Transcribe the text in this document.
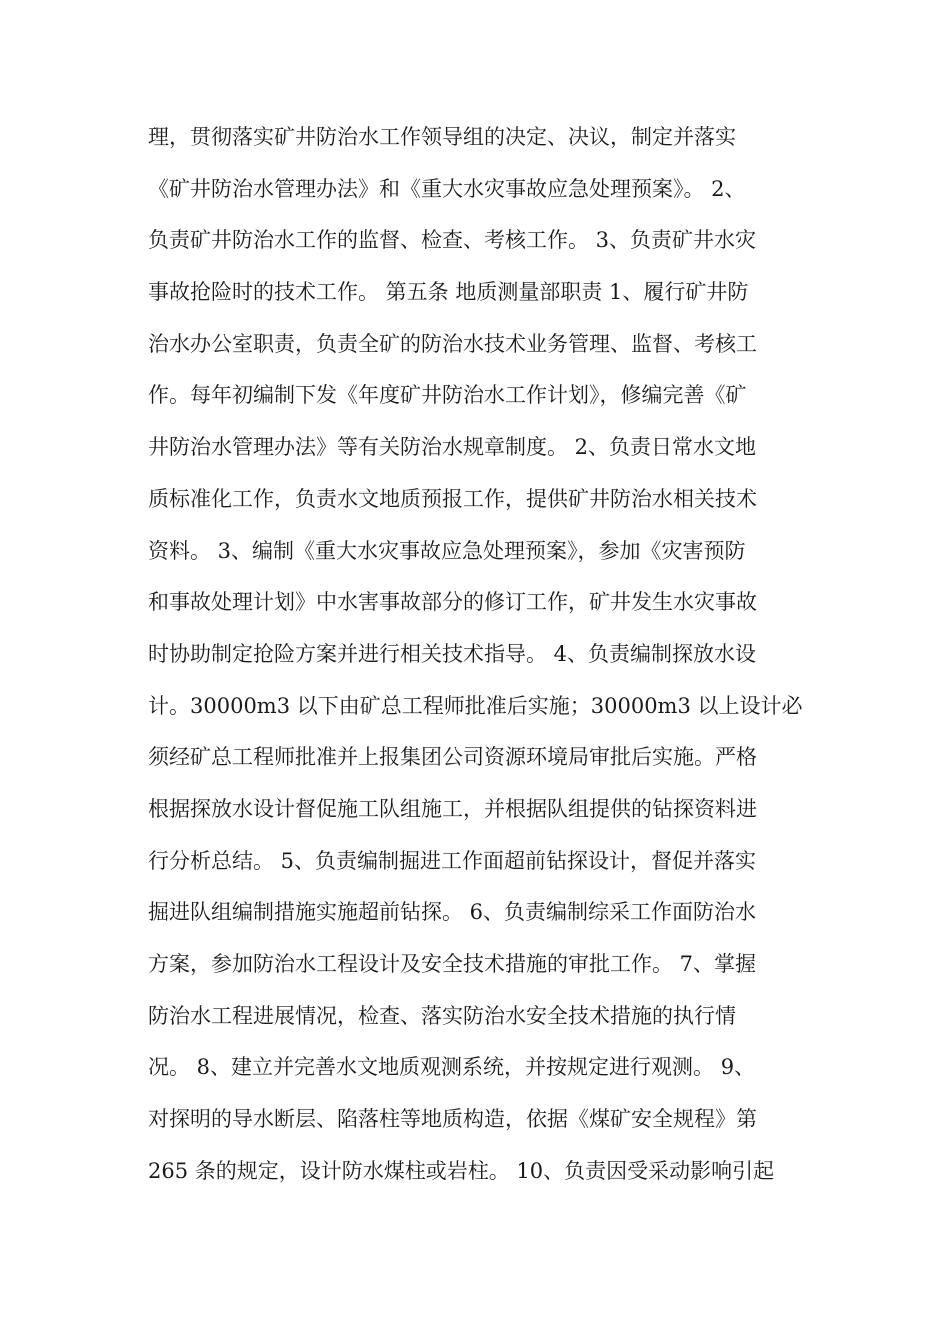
理，贯彻落实矿井防治水工作领导组的决定、决议，制定并落实
《矿井防治水管理办法》和《重大水灾事故应急处理预案》。 2、
负责矿井防治水工作的监督、检查、考核工作。 3、负责矿井水灾
事故抢险时的技术工作。 第五条 地质测量部职责 1、履行矿井防
治水办公室职责，负责全矿的防治水技术业务管理、监督、考核工
作。每年初编制下发《年度矿井防治水工作计划》，修编完善《矿
井防治水管理办法》等有关防治水规章制度。 2、负责日常水文地
质标准化工作，负责水文地质预报工作，提供矿井防治水相关技术
资料。 3、编制《重大水灾事故应急处理预案》，参加《灾害预防
和事故处理计划》中水害事故部分的修订工作，矿井发生水灾事故
时协助制定抢险方案并进行相关技术指导。 4、负责编制探放水设
计。30000m3 以下由矿总工程师批准后实施；30000m3 以上设计必
须经矿总工程师批准并上报集团公司资源环境局审批后实施。严格
根据探放水设计督促施工队组施工，并根据队组提供的钻探资料进
行分析总结。 5、负责编制掘进工作面超前钻探设计，督促并落实
掘进队组编制措施实施超前钻探。 6、负责编制综采工作面防治水
方案，参加防治水工程设计及安全技术措施的审批工作。 7、掌握
防治水工程进展情况，检查、落实防治水安全技术措施的执行情
况。 8、建立并完善水文地质观测系统，并按规定进行观测。 9、
对探明的导水断层、陷落柱等地质构造，依据《煤矿安全规程》第
265 条的规定，设计防水煤柱或岩柱。 10、负责因受采动影响引起
